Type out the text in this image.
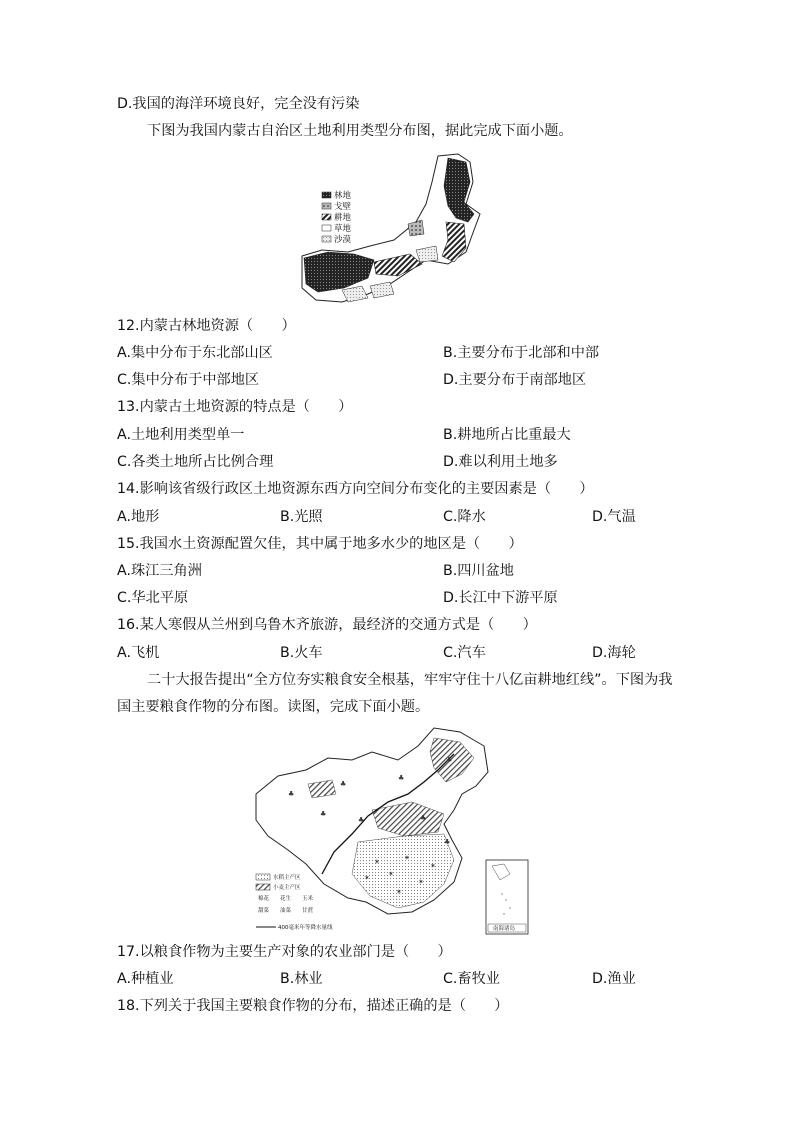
D.我国的海洋环境良好，完全没有污染
下图为我国内蒙古自治区土地利用类型分布图，据此完成下面小题。
林地
戈壁
耕地
草地
沙漠
12.内蒙古林地资源（　　）
A.集中分布于东北部山区	B.主要分布于北部和中部
C.集中分布于中部地区	D.主要分布于南部地区
13.内蒙古土地资源的特点是（　　）
A.土地利用类型单一	B.耕地所占比重最大
C.各类土地所占比例合理	D.难以利用土地多
14.影响该省级行政区土地资源东西方向空间分布变化的主要因素是（　　）
A.地形	B.光照	C.降水	D.气温
15.我国水土资源配置欠佳，其中属于地多水少的地区是（　　）
A.珠江三角洲	B.四川盆地
C.华北平原	D.长江中下游平原
16.某人寒假从兰州到乌鲁木齐旅游，最经济的交通方式是（　　）
A.飞机	B.火车	C.汽车	D.海轮
二十大报告提出“全方位夯实粮食安全根基，牢牢守住十八亿亩耕地红线”。下图为我
国主要粮食作物的分布图。读图，完成下面小题。
♣
♣
♣
♣
♣
✶
✶
✶
✶
✶
✶
✶
♣
♣
♣
水稻主产区
小麦主产区
棉花　　花生　　玉米
甜菜　　油菜　　甘蔗
400毫米年等降水量线	南海诸岛
17.以粮食作物为主要生产对象的农业部门是（　　）
A.种植业	B.林业	C.畜牧业	D.渔业
18.下列关于我国主要粮食作物的分布，描述正确的是（　　）
